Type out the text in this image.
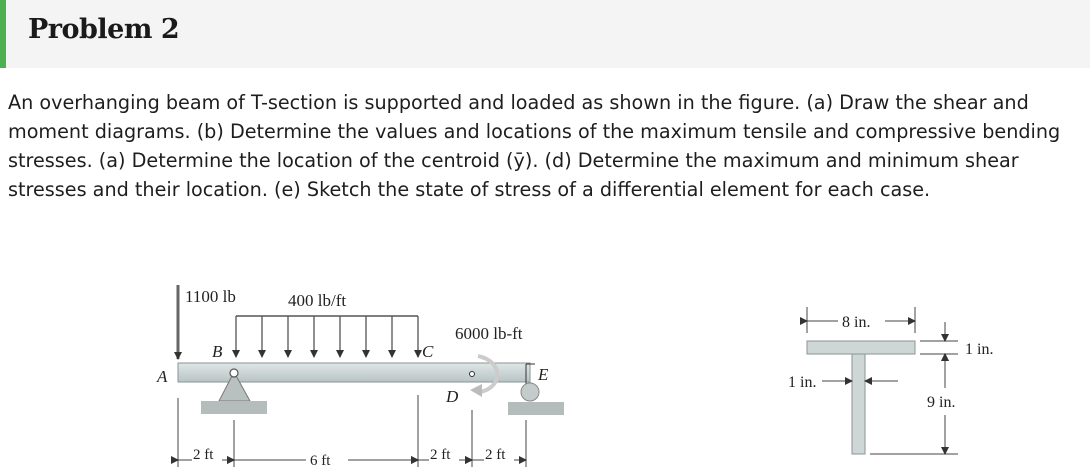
Problem 2
An overhanging beam of T-section is supported and loaded as shown in the figure. (a) Draw the shear and moment diagrams. (b) Determine the values and locations of the maximum tensile and compressive bending stresses. (a) Determine the location of the centroid (ȳ). (d) Determine the maximum and minimum shear stresses and their location. (e) Sketch the state of stress of a differential element for each case.
1100 lb	400 lb/ft
B	C
A
6000 lb-ft
D
E
2 ft	6 ft	2 ft 2 ft
8 in.
1 in.
1 in.
9 in.
